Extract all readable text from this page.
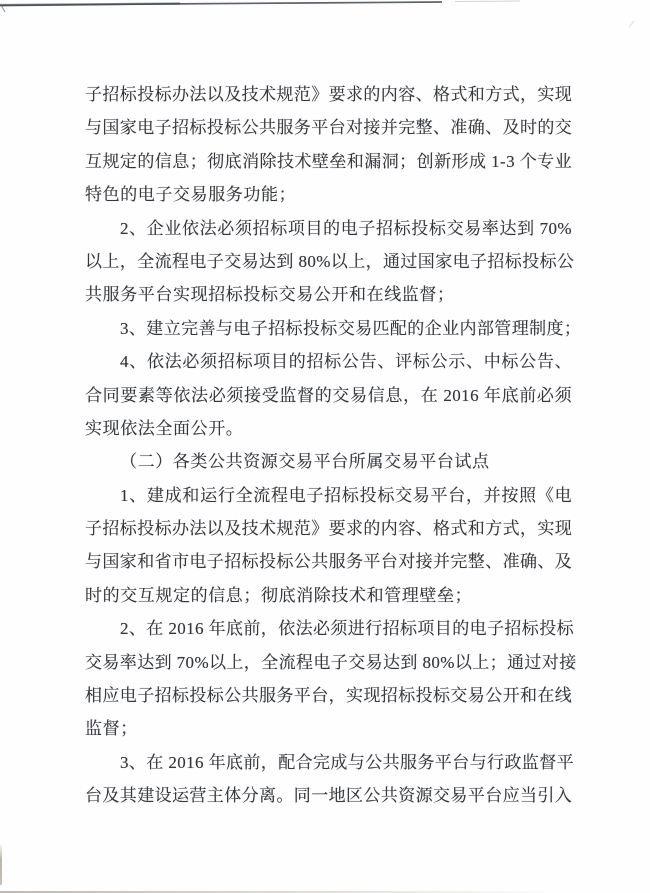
子招标投标办法以及技术规范》要求的内容、格式和方式，实现
与国家电子招标投标公共服务平台对接并完整、准确、及时的交
互规定的信息；彻底消除技术壁垒和漏洞；创新形成 1-3 个专业
特色的电子交易服务功能；
2、企业依法必须招标项目的电子招标投标交易率达到 70%
以上，全流程电子交易达到 80%以上，通过国家电子招标投标公
共服务平台实现招标投标交易公开和在线监督；
3、建立完善与电子招标投标交易匹配的企业内部管理制度；
4、依法必须招标项目的招标公告、评标公示、中标公告、
合同要素等依法必须接受监督的交易信息，在 2016 年底前必须
实现依法全面公开。
（二）各类公共资源交易平台所属交易平台试点
1、建成和运行全流程电子招标投标交易平台，并按照《电
子招标投标办法以及技术规范》要求的内容、格式和方式，实现
与国家和省市电子招标投标公共服务平台对接并完整、准确、及
时的交互规定的信息；彻底消除技术和管理壁垒；
2、在 2016 年底前，依法必须进行招标项目的电子招标投标
交易率达到 70%以上，全流程电子交易达到 80%以上；通过对接
相应电子招标投标公共服务平台，实现招标投标交易公开和在线
监督；
3、在 2016 年底前，配合完成与公共服务平台与行政监督平
台及其建设运营主体分离。同一地区公共资源交易平台应当引入
